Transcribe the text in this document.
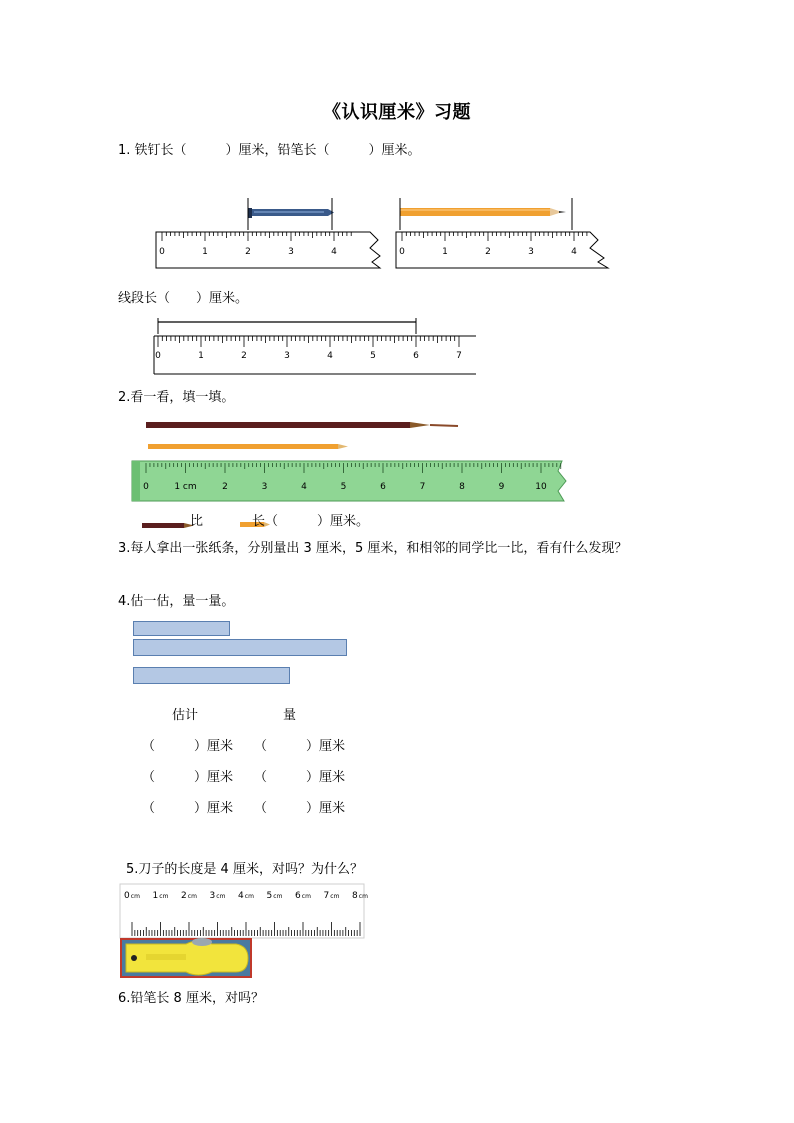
《认识厘米》习题
1. 铁钉长（　　　）厘米，铅笔长（　　　）厘米。
0	1	2	3	4	0	1	2	3	4
线段长（　　）厘米。
0	1	2	3	4	5	6	7
2.看一看，填一填。
0	1 cm	2	3	4	5	6	7	8	9	10
比	长（　　　）厘米。
3.每人拿出一张纸条，分别量出 3 厘米，5 厘米，和相邻的同学比一比，看有什么发现？
4.估一估，量一量。
估计	量
（　　　）厘米 （　　　）厘米
（　　　）厘米 （　　　）厘米
（　　　）厘米 （　　　）厘米
5.刀子的长度是 4 厘米，对吗？为什么？
0cm 1cm 2cm 3cm 4cm 5cm 6cm 7cm 8cm
6.铅笔长 8 厘米，对吗？
